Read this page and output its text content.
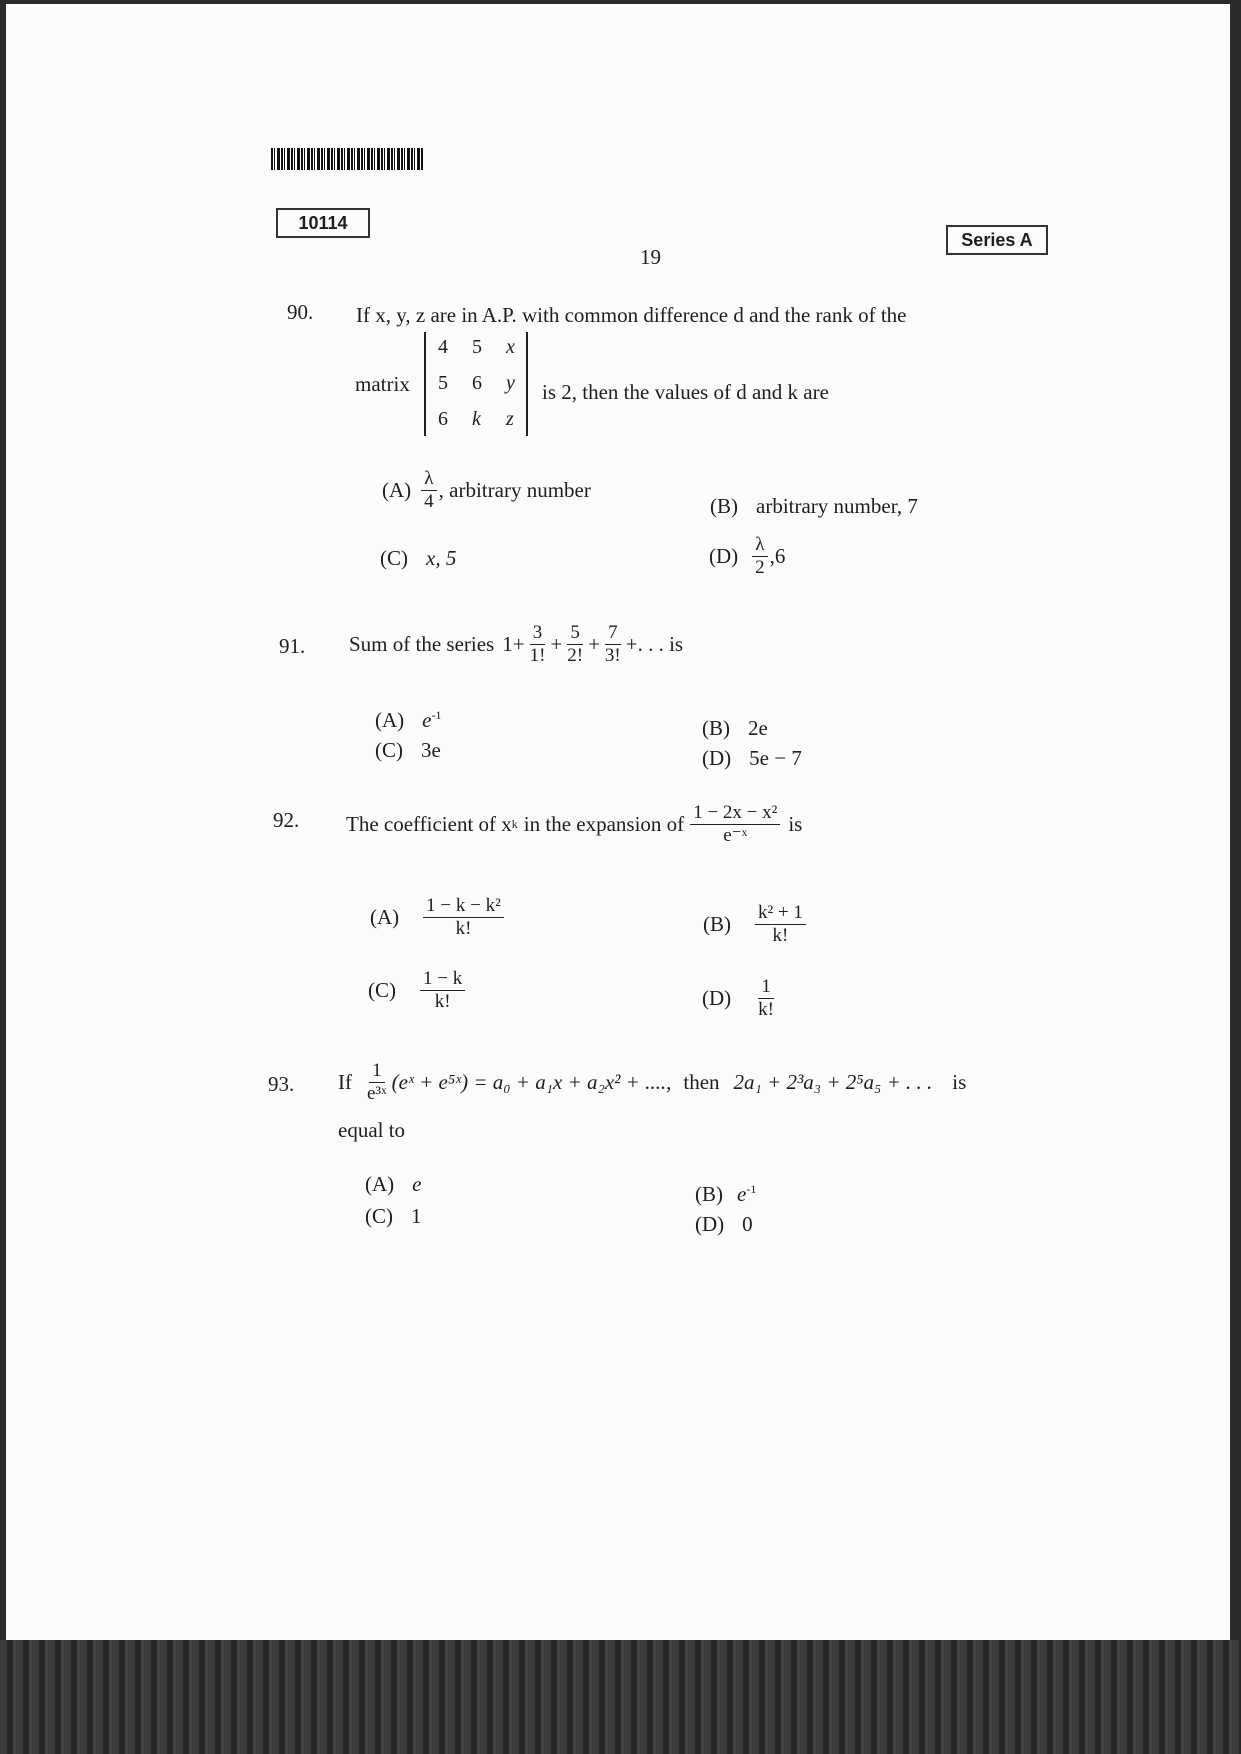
10114
Series A
19
90. If x, y, z are in A.P. with common difference d and the rank of the
matrix
4 5 x
5 6 y
6 k z
is 2, then the values of d and k are
$(A) \frac{\lambda}{4}$ , arbitrary number
(B) arbitrary number, 7
(C) x, 5	$(D) \frac{\lambda}{2} ,6$
91. Sum of the series $1+ \frac{3}{1!} + \frac{5}{2!} + \frac{7}{3!}$ +. . . is
(A) $e^{-1}$
(C) 3e
(B) 2e
(D) 5e − 7
92. The coefficient of x k in the expansion of $\frac{\text{1 − 2x − x²}}{\text{e⁻ˣ}}$ is
$(A) \frac{\text{1 − k − k²}}{k!}$	$(B) \frac{\text{k² + 1}}{k!}$
$(C) \frac{1 - k}{k!}$	$(D) \frac{1}{k!}$
93. If $\frac{1}{\text{e³ˣ}}$ (eˣ + e⁵ˣ) = a₀ + a₁x + a₂x² + ...., then 2a₁ + 2³a₃ + 2⁵a₅ + . . . is
equal to
(A) e
(C) 1
(B) $e^{-1}$
(D) 0
